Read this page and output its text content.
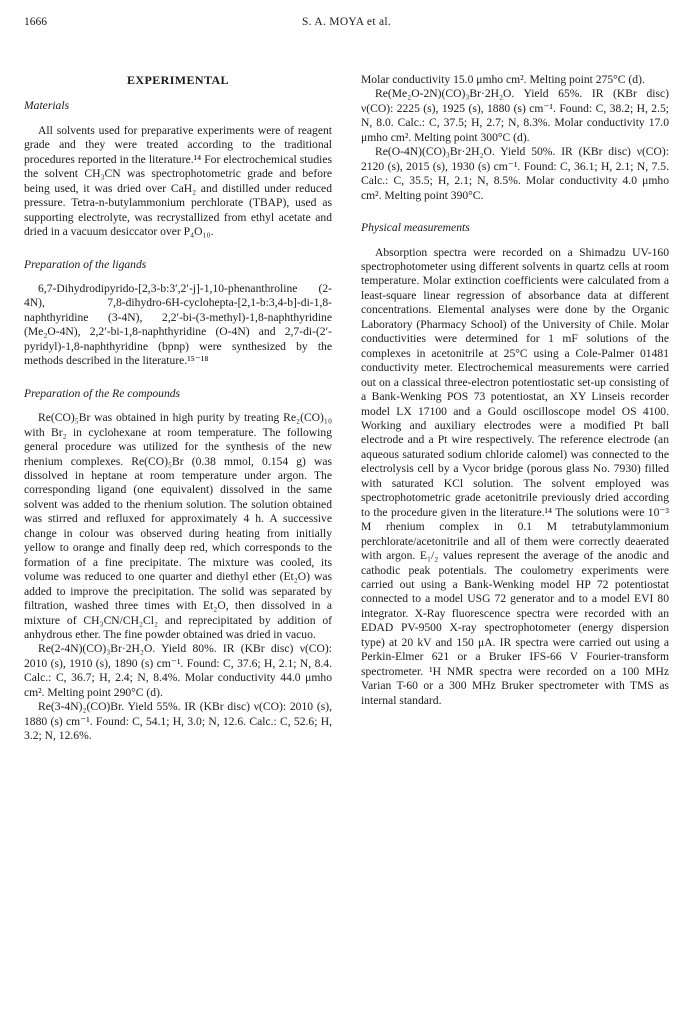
1666	S. A. MOYA et al.
EXPERIMENTAL
Materials

All solvents used for preparative experiments were of reagent grade and they were treated according to the traditional procedures reported in the literature.¹⁴ For electrochemical studies the solvent CH₃CN was spectrophotometric grade and before being used, it was dried over CaH₂ and distilled under reduced pressure. Tetra-n-butylammonium perchlorate (TBAP), used as supporting electrolyte, was recrystallized from ethyl acetate and dried in a vacuum desiccator over P₄O₁₀.

Preparation of the ligands

6,7-Dihydrodipyrido-[2,3-b:3′,2′-j]-1,10-phenanthroline (2-4N), 7,8-dihydro-6H-cyclohepta-[2,1-b:3,4-b]-di-1,8-naphthyridine (3-4N), 2,2′-bi-(3-methyl)-1,8-naphthyridine (Me₂O-4N), 2,2′-bi-1,8-naphthyridine (O-4N) and 2,7-di-(2′-pyridyl)-1,8-naphthyridine (bpnp) were synthesized by the methods described in the literature.¹⁵⁻¹⁸

Preparation of the Re compounds

Re(CO)₅Br was obtained in high purity by treating Re₂(CO)₁₀ with Br₂ in cyclohexane at room temperature. The following general procedure was utilized for the synthesis of the new rhenium complexes. Re(CO)₅Br (0.38 mmol, 0.154 g) was dissolved in heptane at room temperature under argon. The corresponding ligand (one equivalent) dissolved in the same solvent was added to the rhenium solution. The solution obtained was stirred and refluxed for approximately 4 h. A successive change in colour was observed during heating from initially yellow to orange and finally deep red, which corresponds to the formation of a fine precipitate. The mixture was cooled, its volume was reduced to one quarter and diethyl ether (Et₂O) was added to improve the precipitation. The solid was separated by filtration, washed three times with Et₂O, then dissolved in a mixture of CH₃CN/CH₂Cl₂ and reprecipitated by addition of anhydrous ether. The fine powder obtained was dried in vacuo.

Re(2-4N)(CO)₃Br·2H₂O. Yield 80%. IR (KBr disc) ν(CO): 2010 (s), 1910 (s), 1890 (s) cm⁻¹. Found: C, 37.6; H, 2.1; N, 8.4. Calc.: C, 36.7; H, 2.4; N, 8.4%. Molar conductivity 44.0 μmho cm². Melting point 290°C (d).

Re(3-4N)₂(CO)Br. Yield 55%. IR (KBr disc) ν(CO): 2010 (s), 1880 (s) cm⁻¹. Found: C, 54.1; H, 3.0; N, 12.6. Calc.: C, 52.6; H, 3.2; N, 12.6%.

Molar conductivity 15.0 μmho cm². Melting point 275°C (d).

Re(Me₂O-2N)(CO)₃Br·2H₂O. Yield 65%. IR (KBr disc) ν(CO): 2225 (s), 1925 (s), 1880 (s) cm⁻¹. Found: C, 38.2; H, 2.5; N, 8.0. Calc.: C, 37.5; H, 2.7; N, 8.3%. Molar conductivity 17.0 μmho cm². Melting point 300°C (d).

Re(O-4N)(CO)₃Br·2H₂O. Yield 50%. IR (KBr disc) ν(CO): 2120 (s), 2015 (s), 1930 (s) cm⁻¹. Found: C, 36.1; H, 2.1; N, 7.5. Calc.: C, 35.5; H, 2.1; N, 8.5%. Molar conductivity 4.0 μmho cm². Melting point 390°C.

Physical measurements

Absorption spectra were recorded on a Shimadzu UV-160 spectrophotometer using different solvents in quartz cells at room temperature. Molar extinction coefficients were calculated from a least-square linear regression of absorbance data at different concentrations. Elemental analyses were done by the Organic Laboratory (Pharmacy School) of the University of Chile. Molar conductivities were determined for 1 mF solutions of the complexes in acetonitrile at 25°C using a Cole-Palmer 01481 conductivity meter. Electrochemical measurements were carried out on a classical three-electron potentiostatic set-up consisting of a Bank-Wenking POS 73 potentiostat, an XY Linseis recorder model LX 17100 and a Gould oscilloscope model OS 4100. Working and auxiliary electrodes were a modified Pt ball electrode and a Pt wire respectively. The reference electrode (an aqueous saturated sodium chloride calomel) was connected to the electrolysis cell by a Vycor bridge (porous glass No. 7930) filled with saturated KCl solution. The solvent employed was spectrophotometric grade acetonitrile previously dried according to the procedure given in the literature.¹⁴ The solutions were 10⁻³ M rhenium complex in 0.1 M tetrabutylammonium perchlorate/acetonitrile and all of them were correctly deaerated with argon. E₁/₂ values represent the average of the anodic and cathodic peak potentials. The coulometry experiments were carried out using a Bank-Wenking model HP 72 potentiostat connected to a model USG 72 generator and to a model EVI 80 integrator. X-Ray fluorescence spectra were recorded with an EDAD PV-9500 X-ray spectrophotometer (energy dispersion type) at 20 kV and 150 μA. IR spectra were carried out using a Perkin-Elmer 621 or a Bruker IFS-66 V Fourier-transform spectrometer. ¹H NMR spectra were recorded on a 100 MHz Varian T-60 or a 300 MHz Bruker spectrometer with TMS as internal standard.
